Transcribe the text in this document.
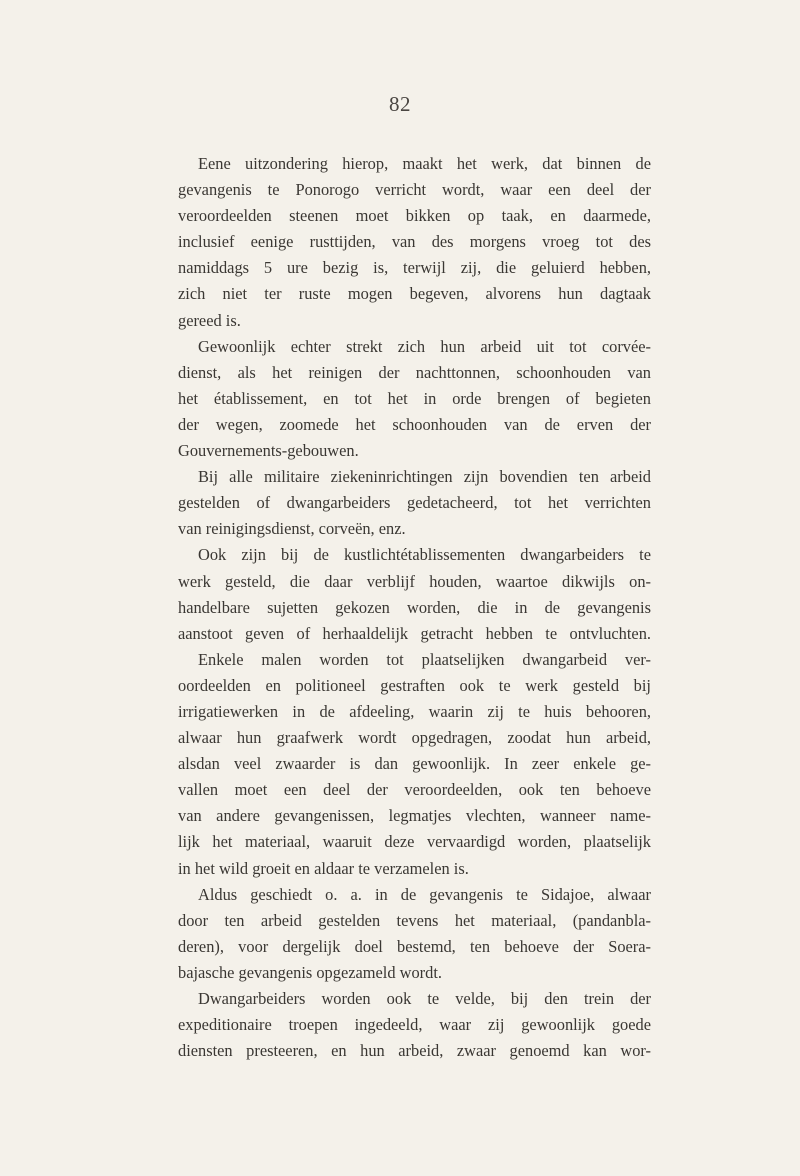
82
Eene uitzondering hierop, maakt het werk, dat binnen de
gevangenis te Ponorogo verricht wordt, waar een deel der
veroordeelden steenen moet bikken op taak, en daarmede,
inclusief eenige rusttijden, van des morgens vroeg tot des
namiddags 5 ure bezig is, terwijl zij, die geluierd hebben,
zich niet ter ruste mogen begeven, alvorens hun dagtaak
gereed is.
Gewoonlijk echter strekt zich hun arbeid uit tot corvée-
dienst, als het reinigen der nachttonnen, schoonhouden van
het établissement, en tot het in orde brengen of begieten
der wegen, zoomede het schoonhouden van de erven der
Gouvernements-gebouwen.
Bij alle militaire ziekeninrichtingen zijn bovendien ten arbeid
gestelden of dwangarbeiders gedetacheerd, tot het verrichten
van reinigingsdienst, corveën, enz.
Ook zijn bij de kustlichtétablissementen dwangarbeiders te
werk gesteld, die daar verblijf houden, waartoe dikwijls on-
handelbare sujetten gekozen worden, die in de gevangenis
aanstoot geven of herhaaldelijk getracht hebben te ontvluchten.
Enkele malen worden tot plaatselijken dwangarbeid ver-
oordeelden en politioneel gestraften ook te werk gesteld bij
irrigatiewerken in de afdeeling, waarin zij te huis behooren,
alwaar hun graafwerk wordt opgedragen, zoodat hun arbeid,
alsdan veel zwaarder is dan gewoonlijk. In zeer enkele ge-
vallen moet een deel der veroordeelden, ook ten behoeve
van andere gevangenissen, legmatjes vlechten, wanneer name-
lijk het materiaal, waaruit deze vervaardigd worden, plaatselijk
in het wild groeit en aldaar te verzamelen is.
Aldus geschiedt o. a. in de gevangenis te Sidajoe, alwaar
door ten arbeid gestelden tevens het materiaal, (pandanbla-
deren), voor dergelijk doel bestemd, ten behoeve der Soera-
bajasche gevangenis opgezameld wordt.
Dwangarbeiders worden ook te velde, bij den trein der
expeditionaire troepen ingedeeld, waar zij gewoonlijk goede
diensten presteeren, en hun arbeid, zwaar genoemd kan wor-
